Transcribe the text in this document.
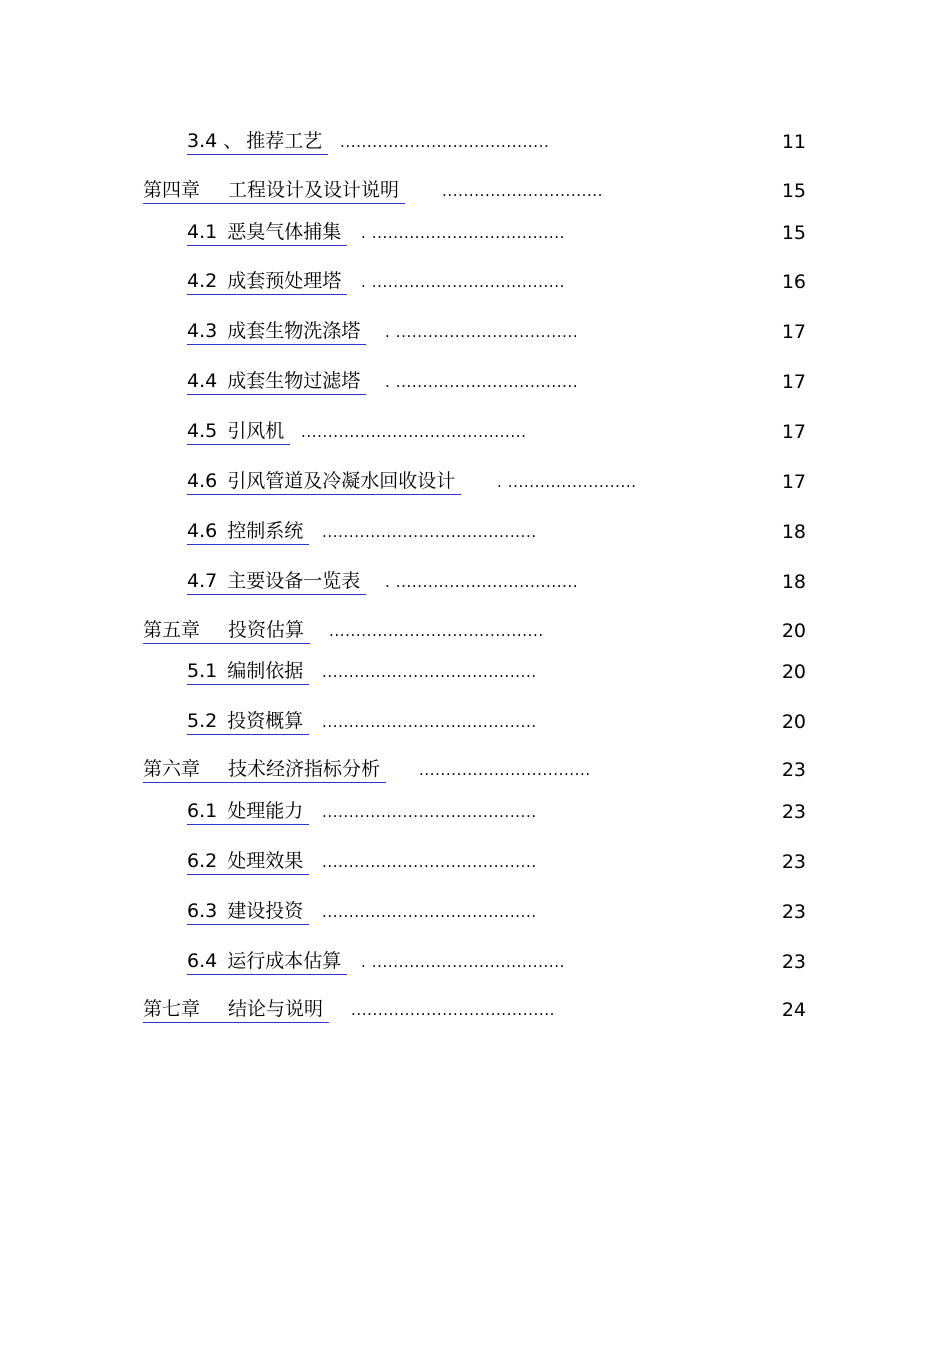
3.4 、 推荐工艺	.......................................	11
第四章 工程设计及设计说明	..............................	15
4.1 恶臭气体捕集	. ....................................	15
4.2 成套预处理塔	. ....................................	16
4.3 成套生物洗涤塔	. ..................................	17
4.4 成套生物过滤塔	. ..................................	17
4.5 引风机	..........................................	17
4.6 引风管道及冷凝水回收设计	. ........................	17
4.6 控制系统	........................................	18
4.7 主要设备一览表	. ..................................	18
第五章 投资估算	........................................	20
5.1 编制依据	........................................	20
5.2 投资概算	........................................	20
第六章 技术经济指标分析	................................	23
6.1 处理能力	........................................	23
6.2 处理效果	........................................	23
6.3 建设投资	........................................	23
6.4 运行成本估算	. ....................................	23
第七章 结论与说明	......................................	24
